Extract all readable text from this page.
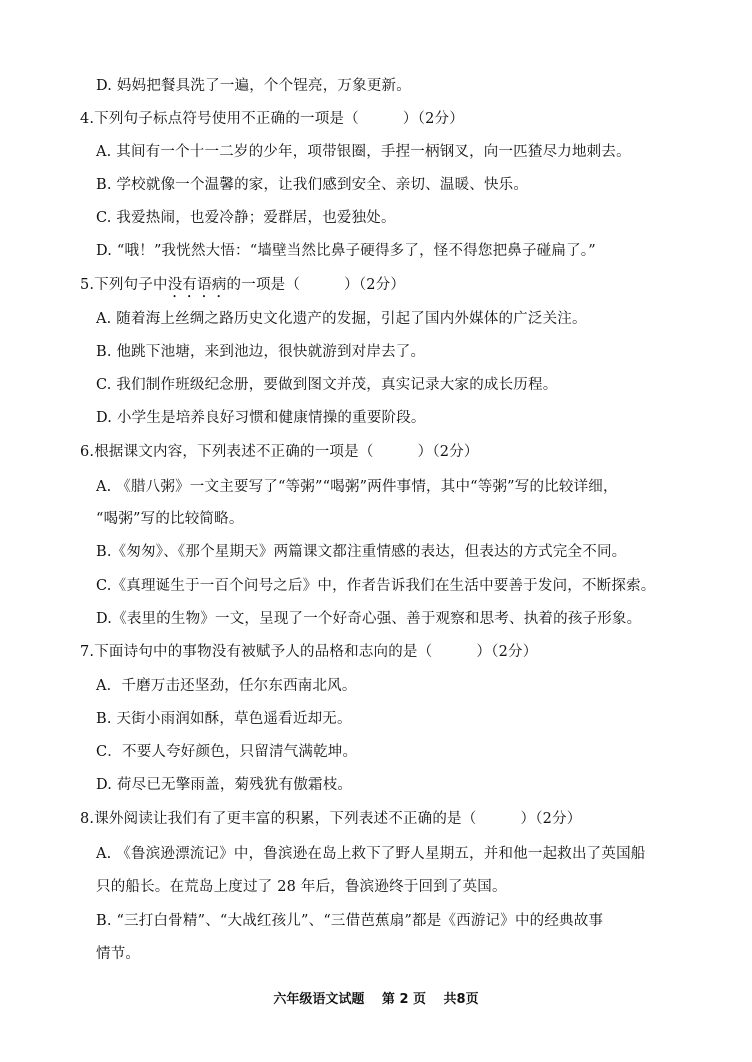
D. 妈妈把餐具洗了一遍，个个锃亮，万象更新。
4.下列句子标点符号使用不正确的一项是（　　　）（2分）
A. 其间有一个十一二岁的少年，项带银圈，手捏一柄钢叉，向一匹猹尽力地刺去。
B. 学校就像一个温馨的家，让我们感到安全、亲切、温暖、快乐。
C. 我爱热闹，也爱冷静；爱群居，也爱独处。
D. “哦！”我恍然大悟：“墙壁当然比鼻子硬得多了，怪不得您把鼻子碰扁了。”
5.下列句子中没有语病的一项是（　　　）（2分）
A. 随着海上丝绸之路历史文化遗产的发掘，引起了国内外媒体的广泛关注。
B. 他跳下池塘，来到池边，很快就游到对岸去了。
C. 我们制作班级纪念册，要做到图文并茂，真实记录大家的成长历程。
D. 小学生是培养良好习惯和健康情操的重要阶段。
6.根据课文内容，下列表述不正确的一项是（　　　）（2分）
A. 《腊八粥》一文主要写了“等粥”“喝粥”两件事情，其中“等粥”写的比较详细，
“喝粥”写的比较简略。
B.《匆匆》、《那个星期天》两篇课文都注重情感的表达，但表达的方式完全不同。
C.《真理诞生于一百个问号之后》中，作者告诉我们在生活中要善于发问，不断探索。
D.《表里的生物》一文，呈现了一个好奇心强、善于观察和思考、执着的孩子形象。
7.下面诗句中的事物没有被赋予人的品格和志向的是（　　　）（2分）
A．千磨万击还坚劲，任尔东西南北风。
B. 天街小雨润如酥，草色遥看近却无。
C．不要人夸好颜色，只留清气满乾坤。
D. 荷尽已无擎雨盖，菊残犹有傲霜枝。
8.课外阅读让我们有了更丰富的积累，下列表述不正确的是（　　　）（2分）
A. 《鲁滨逊漂流记》中，鲁滨逊在岛上救下了野人星期五，并和他一起救出了英国船
只的船长。在荒岛上度过了 28 年后，鲁滨逊终于回到了英国。
B. “三打白骨精”、“大战红孩儿”、“三借芭蕉扇”都是《西游记》中的经典故事
情节。
六年级语文试题　 第 2 页　 共8页
